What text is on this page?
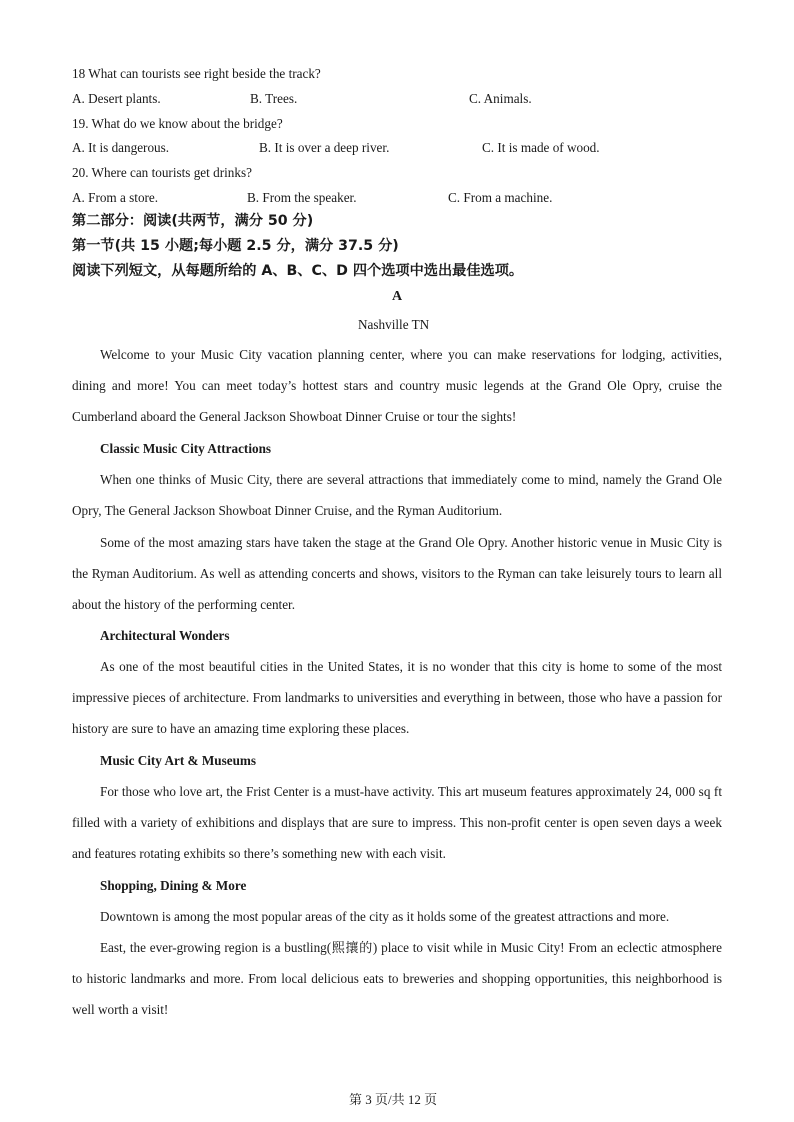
18 What can tourists see right beside the track?
A. Desert plants.	B. Trees.	C. Animals.
19. What do we know about the bridge?
A. It is dangerous.	B. It is over a deep river.	C. It is made of wood.
20. Where can tourists get drinks?
A. From a store.	B. From the speaker.	C. From a machine.
第二部分：阅读(共两节，满分 50 分)
第一节(共 15 小题;每小题 2.5 分，满分 37.5 分)
阅读下列短文，从每题所给的 A、B、C、D 四个选项中选出最佳选项。
A
Nashville TN
Welcome to your Music City vacation planning center, where you can make reservations for lodging, activities, dining and more! You can meet today’s hottest stars and country music legends at the Grand Ole Opry, cruise the Cumberland aboard the General Jackson Showboat Dinner Cruise or tour the sights!
Classic Music City Attractions
When one thinks of Music City, there are several attractions that immediately come to mind, namely the Grand Ole Opry, The General Jackson Showboat Dinner Cruise, and the Ryman Auditorium.
Some of the most amazing stars have taken the stage at the Grand Ole Opry. Another historic venue in Music City is the Ryman Auditorium. As well as attending concerts and shows, visitors to the Ryman can take leisurely tours to learn all about the history of the performing center.
Architectural Wonders
As one of the most beautiful cities in the United States, it is no wonder that this city is home to some of the most impressive pieces of architecture. From landmarks to universities and everything in between, those who have a passion for history are sure to have an amazing time exploring these places.
Music City Art & Museums
For those who love art, the Frist Center is a must-have activity. This art museum features approximately 24, 000 sq ft filled with a variety of exhibitions and displays that are sure to impress. This non-profit center is open seven days a week and features rotating exhibits so there’s something new with each visit.
Shopping, Dining & More
Downtown is among the most popular areas of the city as it holds some of the greatest attractions and more.
East, the ever-growing region is a bustling(熙攘的) place to visit while in Music City! From an eclectic atmosphere to historic landmarks and more. From local delicious eats to breweries and shopping opportunities, this neighborhood is well worth a visit!
第 3 页/共 12 页
